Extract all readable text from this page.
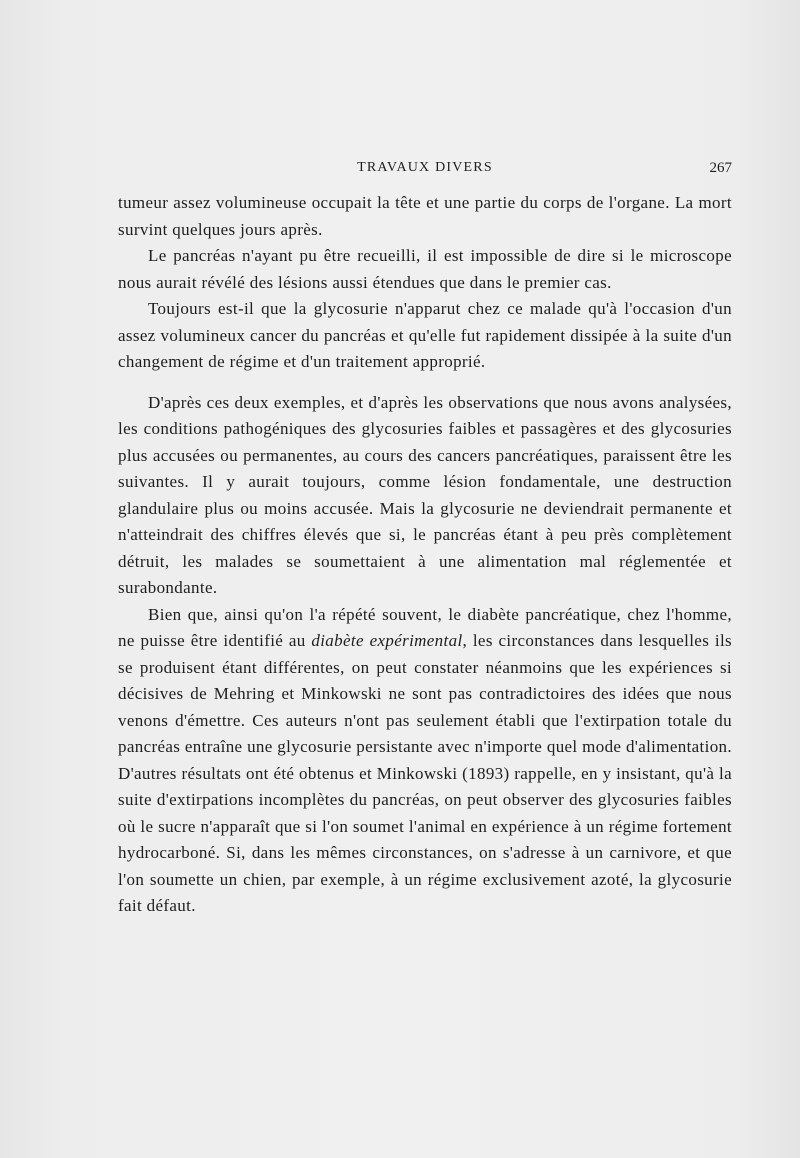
TRAVAUX DIVERS	267

tumeur assez volumineuse occupait la tête et une partie du corps de l'organe. La mort survint quelques jours après.

Le pancréas n'ayant pu être recueilli, il est impossible de dire si le microscope nous aurait révélé des lésions aussi étendues que dans le premier cas.

Toujours est-il que la glycosurie n'apparut chez ce malade qu'à l'occasion d'un assez volumineux cancer du pancréas et qu'elle fut rapidement dissipée à la suite d'un changement de régime et d'un traitement approprié.

D'après ces deux exemples, et d'après les observations que nous avons analysées, les conditions pathogéniques des glycosuries faibles et passagères et des glycosuries plus accusées ou permanentes, au cours des cancers pancréatiques, paraissent être les suivantes. Il y aurait toujours, comme lésion fondamentale, une destruction glandulaire plus ou moins accusée. Mais la glycosurie ne deviendrait permanente et n'atteindrait des chiffres élevés que si, le pancréas étant à peu près complètement détruit, les malades se soumettaient à une alimentation mal réglementée et surabondante.

Bien que, ainsi qu'on l'a répété souvent, le diabète pancréatique, chez l'homme, ne puisse être identifié au diabète expérimental, les circonstances dans lesquelles ils se produisent étant différentes, on peut constater néanmoins que les expériences si décisives de Mehring et Minkowski ne sont pas contradictoires des idées que nous venons d'émettre. Ces auteurs n'ont pas seulement établi que l'extirpation totale du pancréas entraîne une glycosurie persistante avec n'importe quel mode d'alimentation. D'autres résultats ont été obtenus et Minkowski (1893) rappelle, en y insistant, qu'à la suite d'extirpations incomplètes du pancréas, on peut observer des glycosuries faibles où le sucre n'apparaît que si l'on soumet l'animal en expérience à un régime fortement hydrocarboné. Si, dans les mêmes circonstances, on s'adresse à un carnivore, et que l'on soumette un chien, par exemple, à un régime exclusivement azoté, la glycosurie fait défaut.
